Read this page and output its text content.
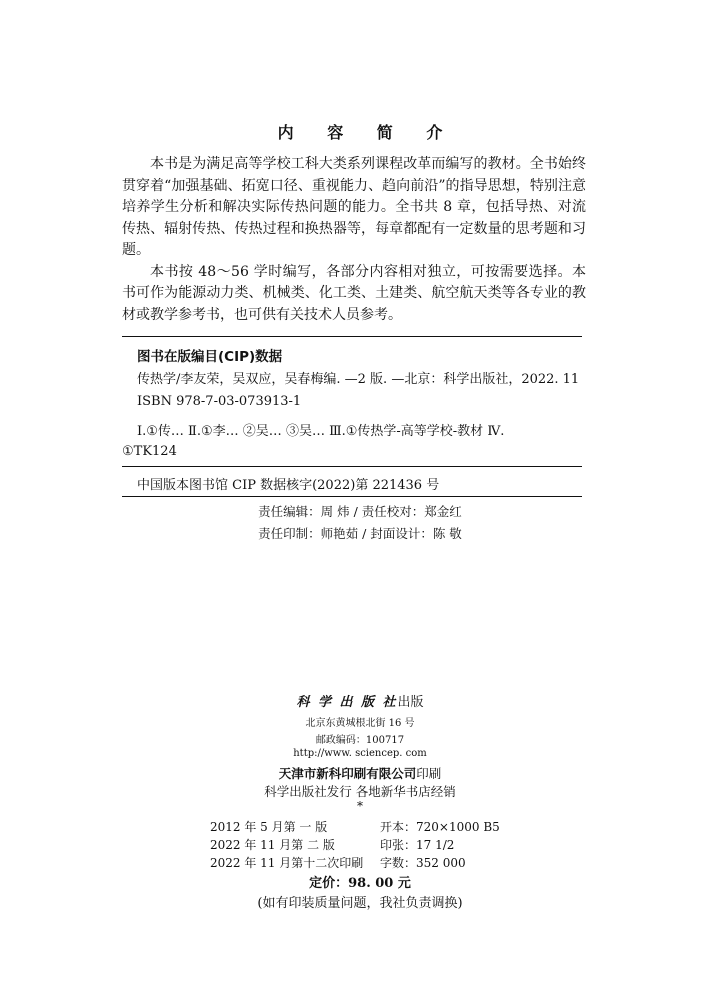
内 容 简 介

本书是为满足高等学校工科大类系列课程改革而编写的教材。全书始终贯穿着“加强基础、拓宽口径、重视能力、趋向前沿”的指导思想，特别注意培养学生分析和解决实际传热问题的能力。全书共 8 章，包括导热、对流传热、辐射传热、传热过程和换热器等，每章都配有一定数量的思考题和习题。

本书按 48～56 学时编写，各部分内容相对独立，可按需要选择。本书可作为能源动力类、机械类、化工类、土建类、航空航天类等各专业的教材或教学参考书，也可供有关技术人员参考。

图书在版编目(CIP)数据
传热学/李友荣，吴双应，吴春梅编. —2 版. —北京：科学出版社，2022. 11
ISBN 978-7-03-073913-1
Ⅰ.①传… Ⅱ.①李… ②吴… ③吴… Ⅲ.①传热学-高等学校-教材 Ⅳ.
①TK124
中国版本图书馆 CIP 数据核字(2022)第 221436 号
责任编辑：周 炜 / 责任校对：郑金红
责任印制：师艳茹 / 封面设计：陈 敬
科 学 出 版 社出版
北京东黄城根北街 16 号
邮政编码：100717
http://www. sciencep. com
天津市新科印刷有限公司印刷
科学出版社发行 各地新华书店经销
*
2012 年 5 月第 一 版	开本：720×1000 B5
2022 年 11 月第 二 版	印张：17 1/2
2022 年 11 月第十二次印刷 字数：352 000
定价：98. 00 元
(如有印装质量问题，我社负责调换)
